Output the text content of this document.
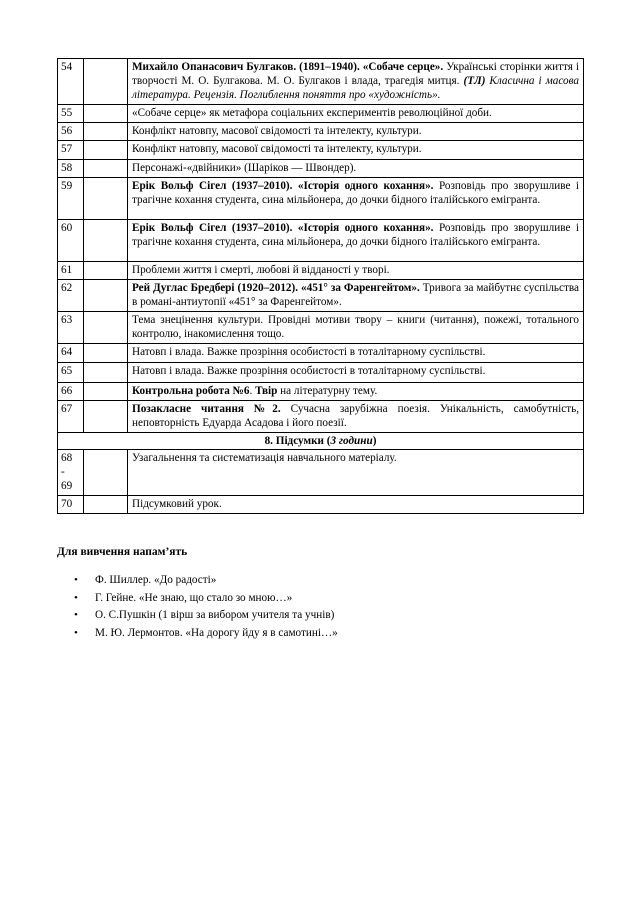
54		Михайло Опанасович Булгаков. (1891–1940). «Собаче серце». Українські сторінки життя і творчості М. О. Булгакова. М. О. Булгаков і влада, трагедія митця. (ТЛ) Класична і масова література. Рецензія. Поглиблення поняття про «художність».
55		«Собаче серце» як метафора соціальних експериментів революційної доби.
56		Конфлікт натовпу, масової свідомості та інтелекту, культури.
57		Конфлікт натовпу, масової свідомості та інтелекту, культури.
58		Персонажі-«двійники» (Шаріков — Швондер).
59		Ерік Вольф Сігел (1937–2010). «Історія одного кохання». Розповідь про зворушливе і трагічне кохання студента, сина мільйонера, до дочки бідного італійського емігранта.
60		Ерік Вольф Сігел (1937–2010). «Історія одного кохання». Розповідь про зворушливе і трагічне кохання студента, сина мільйонера, до дочки бідного італійського емігранта.
61		Проблеми життя і смерті, любові й відданості у творі.
62		Рей Дуглас Бредбері (1920–2012). «451° за Фаренгейтом». Тривога за майбутнє суспільства в романі-антиутопії «451° за Фаренгейтом».
63		Тема знецінення культури. Провідні мотиви твору – книги (читання), пожежі, тотального контролю, інакомислення тощо.
64		Натовп і влада. Важке прозріння особистості в тоталітарному суспільстві.
65		Натовп і влада. Важке прозріння особистості в тоталітарному суспільстві.
66		Контрольна робота №6. Твір на літературну тему.
67		Позакласне читання №2. Сучасна зарубіжна поезія. Унікальність, самобутність, неповторність Едуарда Асадова і його поезії.
8. Підсумки (3 години)		
68
-
69		Узагальнення та систематизація навчального матеріалу.
70		Підсумковий урок.
Для вивчення напам’ять
• Ф. Шиллер. «До радості»
• Г. Гейне. «Не знаю, що стало зо мною…»
• О. С.Пушкін (1 вірш за вибором учителя та учнів)
• М. Ю. Лермонтов. «На дорогу йду я в самотині…»
